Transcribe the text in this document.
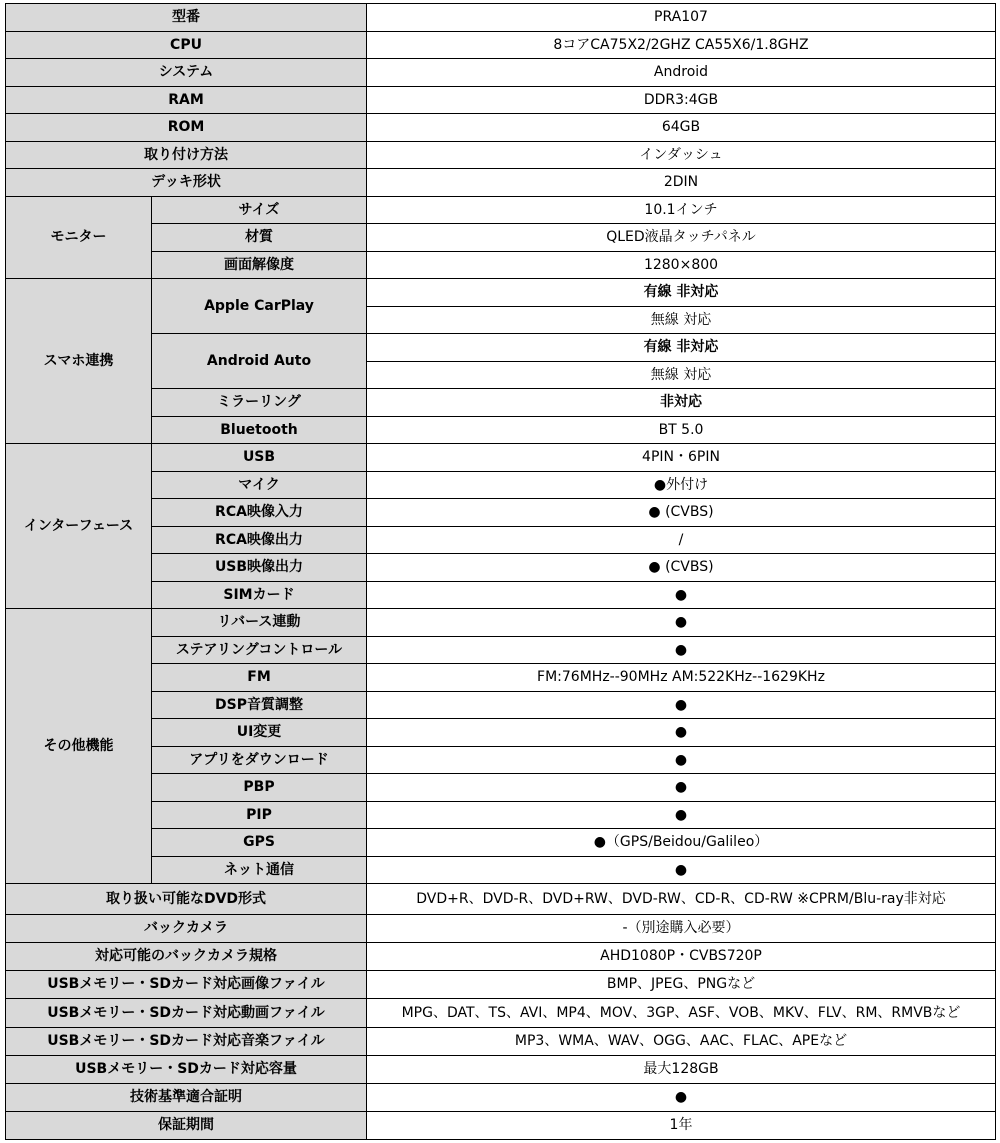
型番		PRA107
CPU		8コアCA75X2/2GHZ CA55X6/1.8GHZ
システム		Android
RAM		DDR3:4GB
ROM		64GB
取り付け方法		インダッシュ
デッキ形状		2DIN
モニター	サイズ	10.1インチ
	材質	QLED液晶タッチパネル
	画面解像度	1280×800
スマホ連携	Apple CarPlay	有線 非対応
		無線 対応
	Android Auto	有線 非対応
		無線 対応
	ミラーリング	非対応
	Bluetooth	BT 5.0
インターフェース	USB	4PIN・6PIN
	マイク	●外付け
	RCA映像入力	● (CVBS)
	RCA映像出力	/
	USB映像出力	● (CVBS)
	SIMカード	●
その他機能	リバース連動	●
	ステアリングコントロール	●
	FM	FM:76MHz--90MHz AM:522KHz--1629KHz
	DSP音質調整	●
	UI変更	●
	アプリをダウンロード	●
	PBP	●
	PIP	●
	GPS	●（GPS/Beidou/Galileo）
	ネット通信	●
取り扱い可能なDVD形式		DVD+R、DVD-R、DVD+RW、DVD-RW、CD-R、CD-RW ※CPRM/Blu-ray非対応
バックカメラ		-（別途購入必要）
対応可能のバックカメラ規格		AHD1080P・CVBS720P
USBメモリー・SDカード対応画像ファイル		BMP、JPEG、PNGなど
USBメモリー・SDカード対応動画ファイル		MPG、DAT、TS、AVI、MP4、MOV、3GP、ASF、VOB、MKV、FLV、RM、RMVBなど
USBメモリー・SDカード対応音楽ファイル		MP3、WMA、WAV、OGG、AAC、FLAC、APEなど
USBメモリー・SDカード対応容量		最大128GB
技術基準適合証明		●
保証期間		1年
